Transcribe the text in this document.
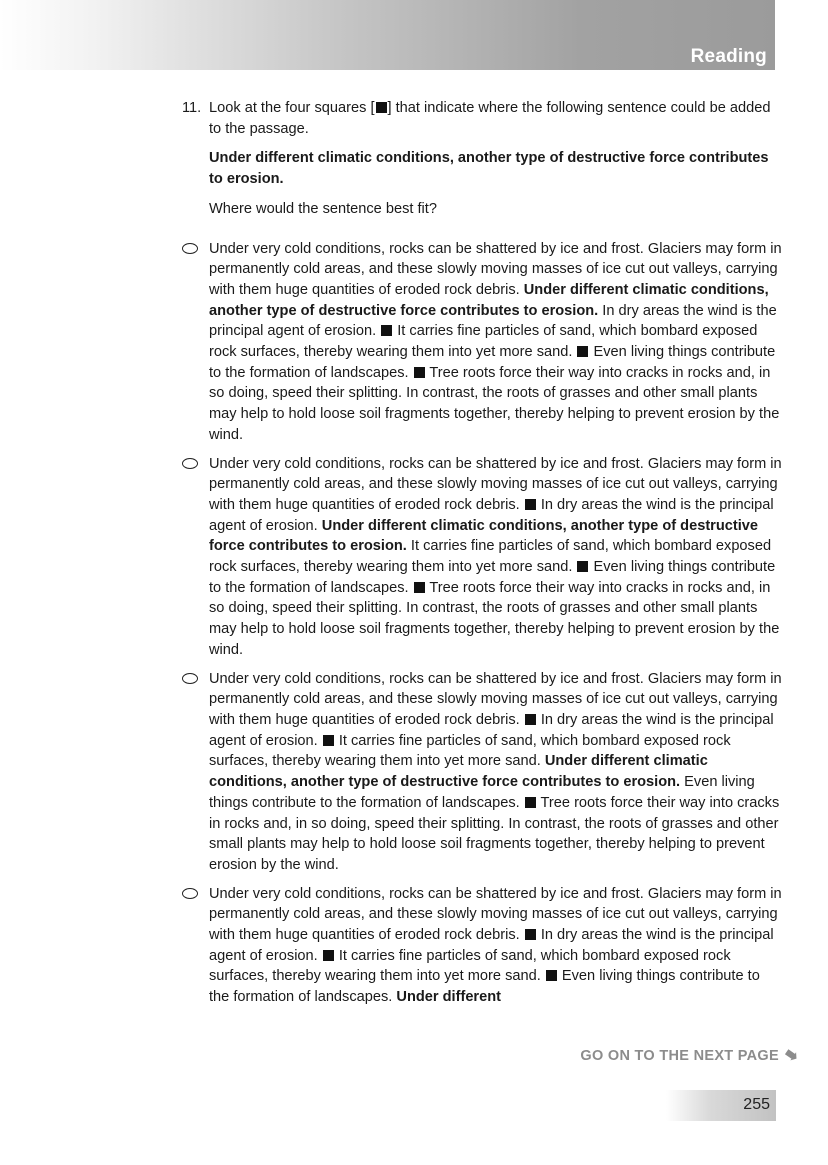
Reading
11. Look at the four squares [ ] that indicate where the following sentence could be added to the passage.

Under different climatic conditions, another type of destructive force contributes to erosion.

Where would the sentence best fit?

Under very cold conditions, rocks can be shattered by ice and frost. Glaciers may form in permanently cold areas, and these slowly moving masses of ice cut out valleys, carrying with them huge quantities of eroded rock debris. Under different climatic conditions, another type of destructive force contributes to erosion. In dry areas the wind is the principal agent of erosion.  It carries fine particles of sand, which bombard exposed rock surfaces, thereby wearing them into yet more sand.  Even living things contribute to the formation of landscapes.  Tree roots force their way into cracks in rocks and, in so doing, speed their splitting. In contrast, the roots of grasses and other small plants may help to hold loose soil fragments together, thereby helping to prevent erosion by the wind.
Under very cold conditions, rocks can be shattered by ice and frost. Glaciers may form in permanently cold areas, and these slowly moving masses of ice cut out valleys, carrying with them huge quantities of eroded rock debris.  In dry areas the wind is the principal agent of erosion. Under different climatic conditions, another type of destructive force contributes to erosion. It carries fine particles of sand, which bombard exposed rock surfaces, thereby wearing them into yet more sand.  Even living things contribute to the formation of landscapes.  Tree roots force their way into cracks in rocks and, in so doing, speed their splitting. In contrast, the roots of grasses and other small plants may help to hold loose soil fragments together, thereby helping to prevent erosion by the wind.
Under very cold conditions, rocks can be shattered by ice and frost. Glaciers may form in permanently cold areas, and these slowly moving masses of ice cut out valleys, carrying with them huge quantities of eroded rock debris.  In dry areas the wind is the principal agent of erosion.  It carries fine particles of sand, which bombard exposed rock surfaces, thereby wearing them into yet more sand. Under different climatic conditions, another type of destructive force contributes to erosion. Even living things contribute to the formation of landscapes.  Tree roots force their way into cracks in rocks and, in so doing, speed their splitting. In contrast, the roots of grasses and other small plants may help to hold loose soil fragments together, thereby helping to prevent erosion by the wind.
Under very cold conditions, rocks can be shattered by ice and frost. Glaciers may form in permanently cold areas, and these slowly moving masses of ice cut out valleys, carrying with them huge quantities of eroded rock debris.  In dry areas the wind is the principal agent of erosion.  It carries fine particles of sand, which bombard exposed rock surfaces, thereby wearing them into yet more sand.  Even living things contribute to the formation of landscapes. Under different
GO ON TO THE NEXT PAGE
255
